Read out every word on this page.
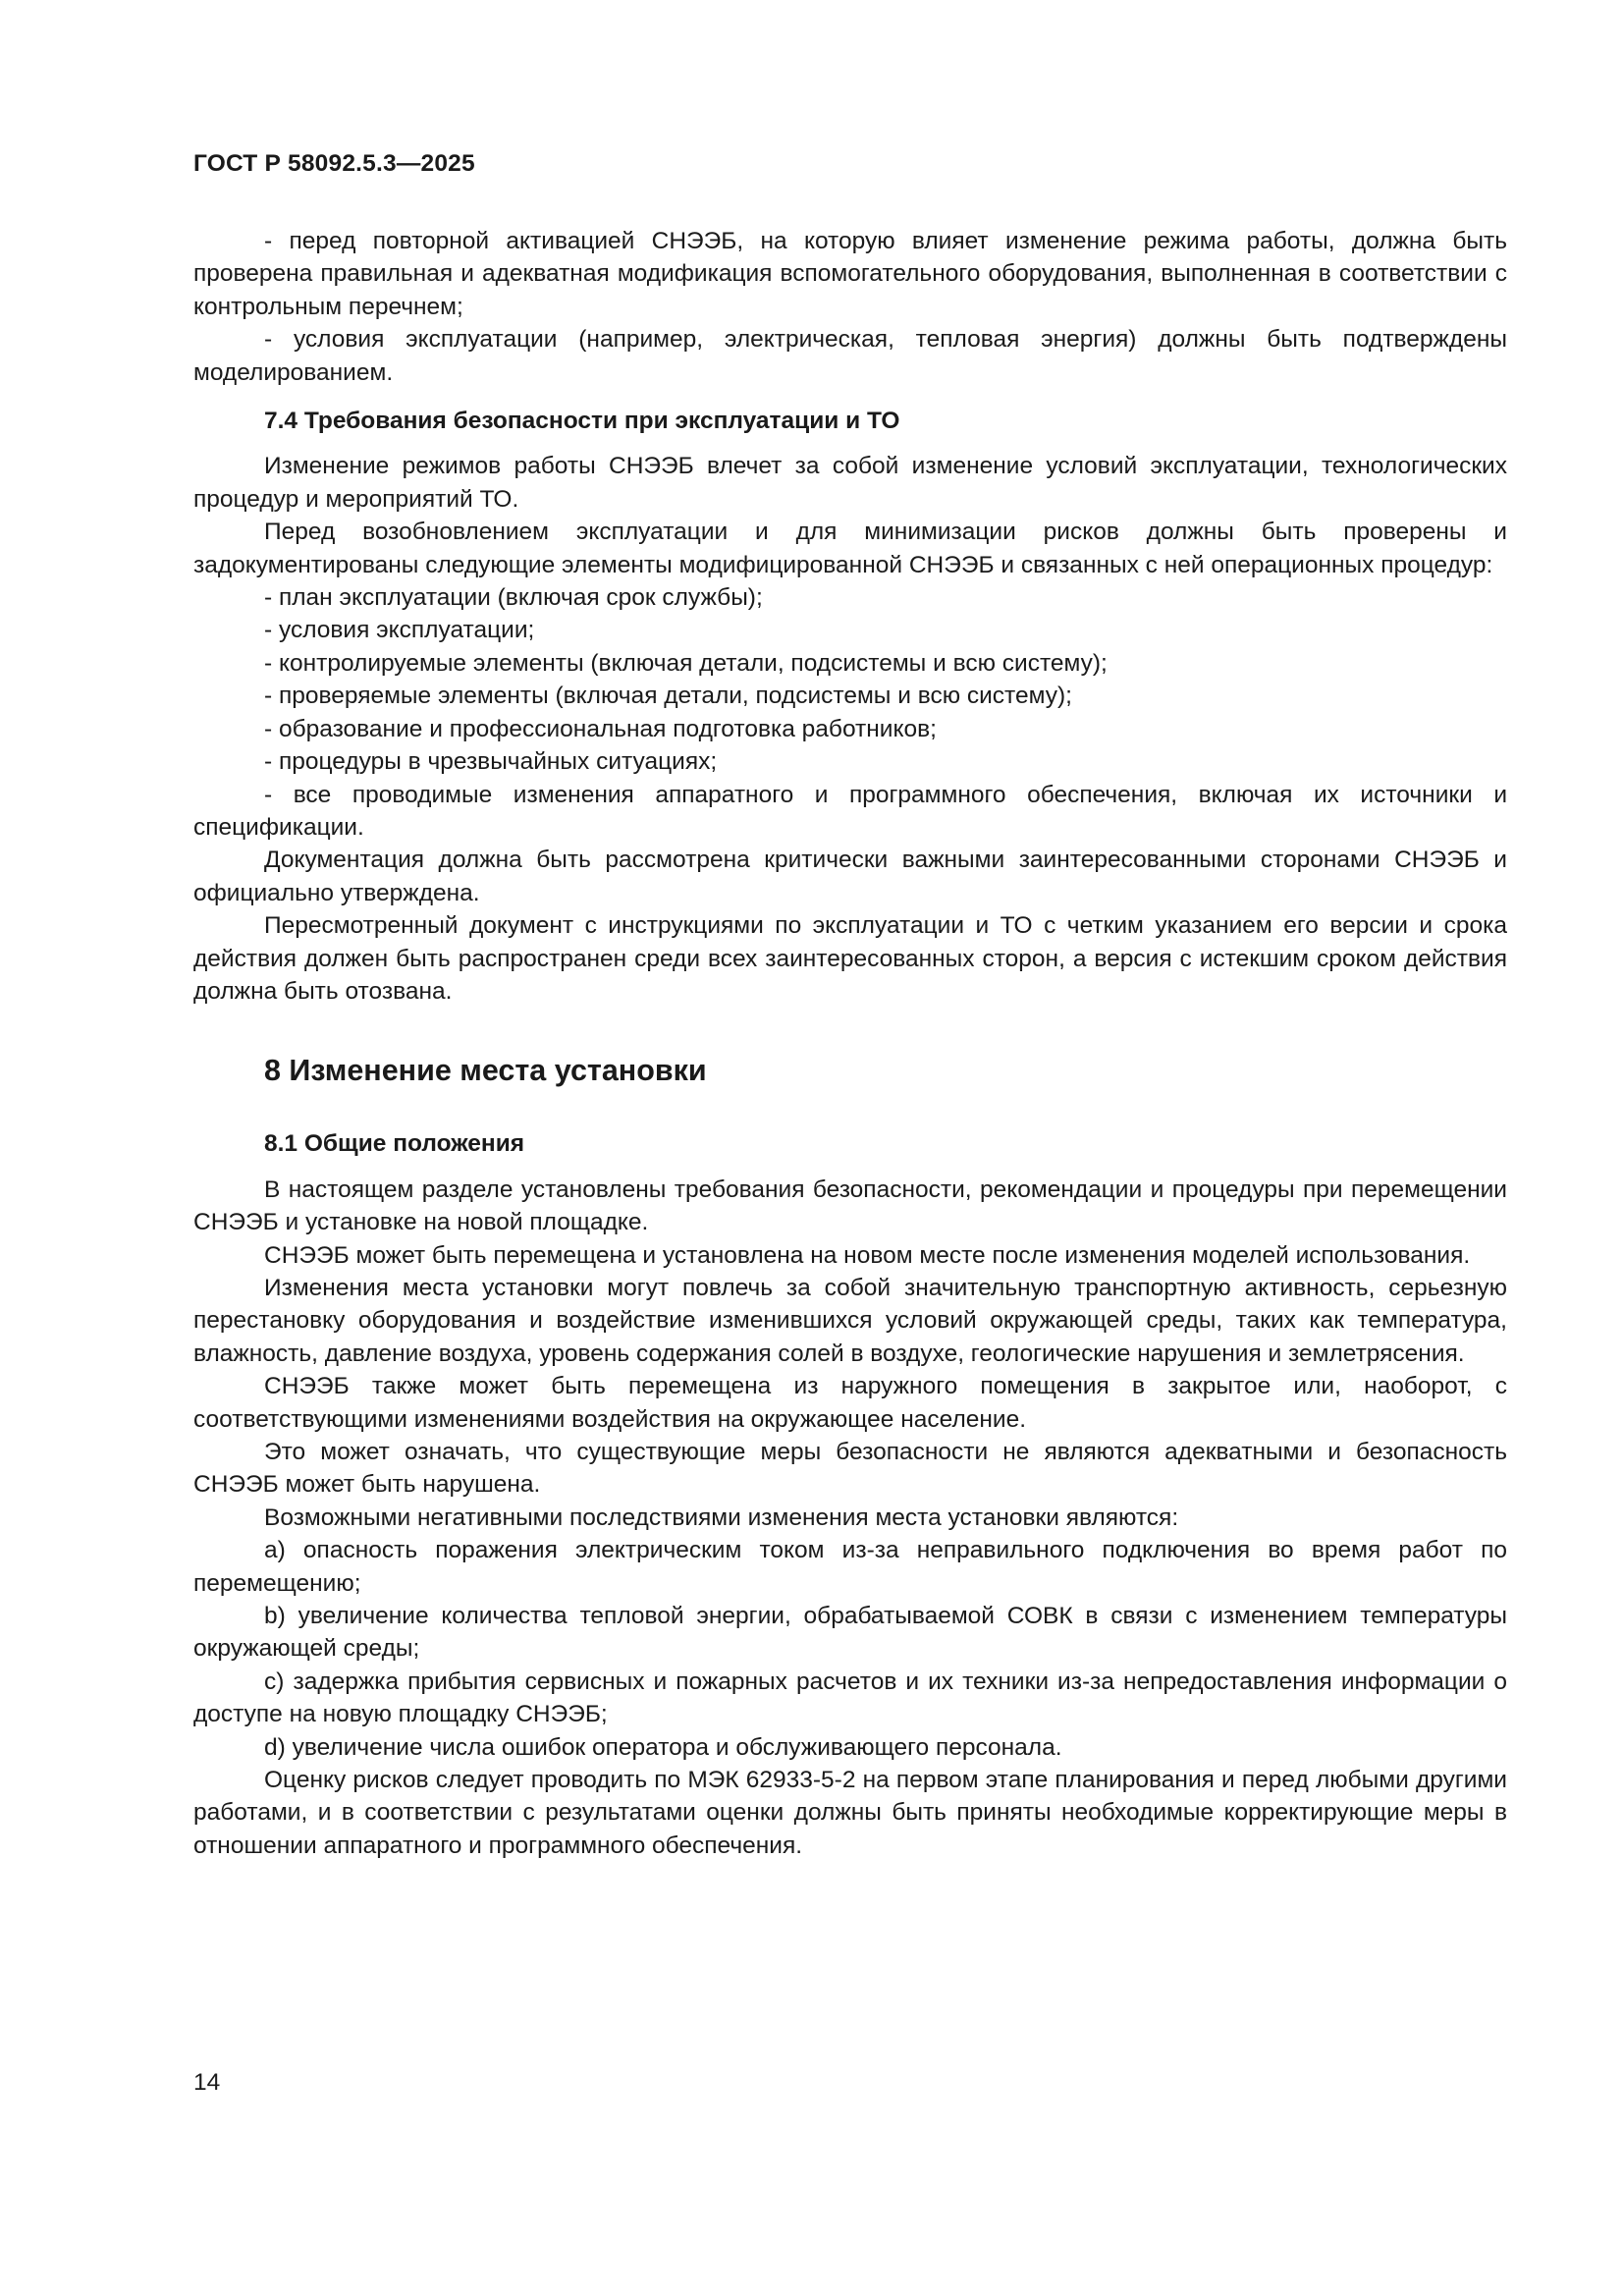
ГОСТ Р 58092.5.3—2025

- перед повторной активацией СНЭЭБ, на которую влияет изменение режима работы, должна быть проверена правильная и адекватная модификация вспомогательного оборудования, выполненная в соответствии с контрольным перечнем;

- условия эксплуатации (например, электрическая, тепловая энергия) должны быть подтверждены моделированием.

7.4 Требования безопасности при эксплуатации и ТО

Изменение режимов работы СНЭЭБ влечет за собой изменение условий эксплуатации, технологических процедур и мероприятий ТО.

Перед возобновлением эксплуатации и для минимизации рисков должны быть проверены и задокументированы следующие элементы модифицированной СНЭЭБ и связанных с ней операционных процедур:

- план эксплуатации (включая срок службы);

- условия эксплуатации;

- контролируемые элементы (включая детали, подсистемы и всю систему);

- проверяемые элементы (включая детали, подсистемы и всю систему);

- образование и профессиональная подготовка работников;

- процедуры в чрезвычайных ситуациях;

- все проводимые изменения аппаратного и программного обеспечения, включая их источники и спецификации.

Документация должна быть рассмотрена критически важными заинтересованными сторонами СНЭЭБ и официально утверждена.

Пересмотренный документ с инструкциями по эксплуатации и ТО с четким указанием его версии и срока действия должен быть распространен среди всех заинтересованных сторон, а версия с истекшим сроком действия должна быть отозвана.

8 Изменение места установки

8.1 Общие положения

В настоящем разделе установлены требования безопасности, рекомендации и процедуры при перемещении СНЭЭБ и установке на новой площадке.

СНЭЭБ может быть перемещена и установлена на новом месте после изменения моделей использования.

Изменения места установки могут повлечь за собой значительную транспортную активность, серьезную перестановку оборудования и воздействие изменившихся условий окружающей среды, таких как температура, влажность, давление воздуха, уровень содержания солей в воздухе, геологические нарушения и землетрясения.

СНЭЭБ также может быть перемещена из наружного помещения в закрытое или, наоборот, с соответствующими изменениями воздействия на окружающее население.

Это может означать, что существующие меры безопасности не являются адекватными и безопасность СНЭЭБ может быть нарушена.

Возможными негативными последствиями изменения места установки являются:

а) опасность поражения электрическим током из-за неправильного подключения во время работ по перемещению;

b) увеличение количества тепловой энергии, обрабатываемой СОВК в связи с изменением температуры окружающей среды;

с) задержка прибытия сервисных и пожарных расчетов и их техники из-за непредоставления информации о доступе на новую площадку СНЭЭБ;

d) увеличение числа ошибок оператора и обслуживающего персонала.

Оценку рисков следует проводить по МЭК 62933-5-2 на первом этапе планирования и перед любыми другими работами, и в соответствии с результатами оценки должны быть приняты необходимые корректирующие меры в отношении аппаратного и программного обеспечения.

14
